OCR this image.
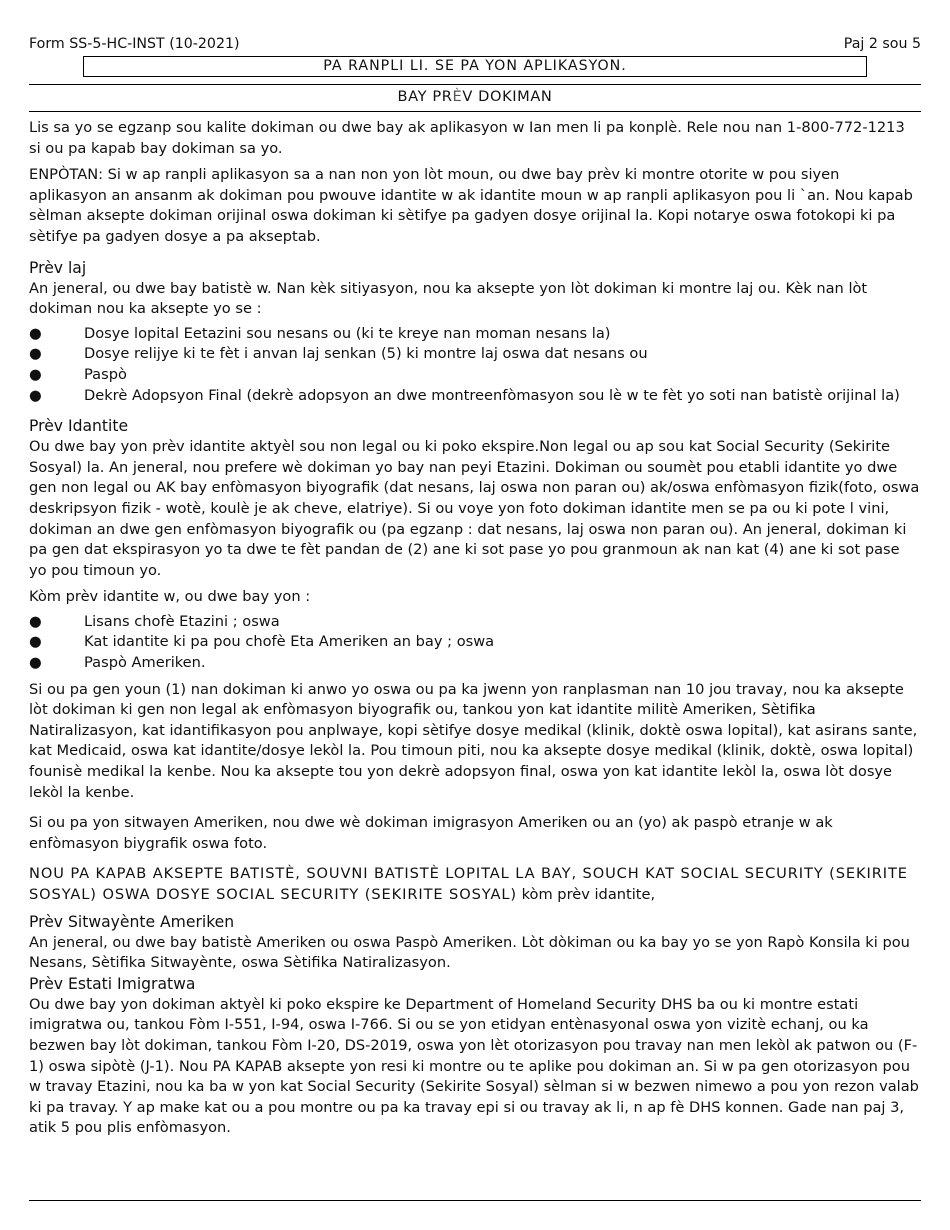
Form SS-5-HC-INST (10-2021)	Paj 2 sou 5
PA RANPLI LI. SE PA YON APLIKASYON.
BAY PRÈV DOKIMAN

Lis sa yo se egzanp sou kalite dokiman ou dwe bay ak aplikasyon w Ian men li pa konplè. Rele nou nan 1-800-772-1213 si ou pa kapab bay dokiman sa yo.

ENPÒTAN: Si w ap ranpli aplikasyon sa a nan non yon lòt moun, ou dwe bay prèv ki montre otorite w pou siyen aplikasyon an ansanm ak dokiman pou pwouve idantite w ak idantite moun w ap ranpli aplikasyon pou li `an. Nou kapab sèlman aksepte dokiman orijinal oswa dokiman ki sètifye pa gadyen dosye orijinal la. Kopi notarye oswa fotokopi ki pa sètifye pa gadyen dosye a pa akseptab.

Prèv laj

An jeneral, ou dwe bay batistè w. Nan kèk sitiyasyon, nou ka aksepte yon lòt dokiman ki montre laj ou. Kèk nan lòt dokiman nou ka aksepte yo se :

●	Dosye lopital Eetazini sou nesans ou (ki te kreye nan moman nesans la)
●	Dosye relijye ki te fèt i anvan laj senkan (5) ki montre laj oswa dat nesans ou
●	Paspò
●	Dekrè Adopsyon Final (dekrè adopsyon an dwe montreenfòmasyon sou lè w te fèt yo soti nan batistè orijinal la)
Prèv Idantite

Ou dwe bay yon prèv idantite aktyèl sou non legal ou ki poko ekspire.Non legal ou ap sou kat Social Security (Sekirite Sosyal) la. An jeneral, nou prefere wè dokiman yo bay nan peyi Etazini. Dokiman ou soumèt pou etabli idantite yo dwe gen non legal ou AK bay enfòmasyon biyografik (dat nesans, laj oswa non paran ou) ak/oswa enfòmasyon fizik(foto, oswa deskripsyon fizik - wotè, koulè je ak cheve, elatriye). Si ou voye yon foto dokiman idantite men se pa ou ki pote l vini, dokiman an dwe gen enfòmasyon biyografik ou (pa egzanp : dat nesans, laj oswa non paran ou). An jeneral, dokiman ki pa gen dat ekspirasyon yo ta dwe te fèt pandan de (2) ane ki sot pase yo pou granmoun ak nan kat (4) ane ki sot pase yo pou timoun yo.

Kòm prèv idantite w, ou dwe bay yon :

●	Lisans chofè Etazini ; oswa
●	Kat idantite ki pa pou chofè Eta Ameriken an bay ; oswa
●	Paspò Ameriken.

Si ou pa gen youn (1) nan dokiman ki anwo yo oswa ou pa ka jwenn yon ranplasman nan 10 jou travay, nou ka aksepte lòt dokiman ki gen non legal ak enfòmasyon biyografik ou, tankou yon kat idantite militè Ameriken, Sètifika Natiralizasyon, kat idantifikasyon pou anplwaye, kopi sètifye dosye medikal (klinik, doktè oswa lopital), kat asirans sante, kat Medicaid, oswa kat idantite/dosye lekòl la. Pou timoun piti, nou ka aksepte dosye medikal (klinik, doktè, oswa lopital) founisè medikal la kenbe. Nou ka aksepte tou yon dekrè adopsyon final, oswa yon kat idantite lekòl la, oswa lòt dosye lekòl la kenbe.

Si ou pa yon sitwayen Ameriken, nou dwe wè dokiman imigrasyon Ameriken ou an (yo) ak paspò etranje w ak enfòmasyon biygrafik oswa foto.

NOU PA KAPAB AKSEPTE BATISTÈ, SOUVNI BATISTÈ LOPITAL LA BAY, SOUCH KAT SOCIAL SECURITY (SEKIRITE SOSYAL) OSWA DOSYE SOCIAL SECURITY (SEKIRITE SOSYAL) kòm prèv idantite,

Prèv Sitwayènte Ameriken

An jeneral, ou dwe bay batistè Ameriken ou oswa Paspò Ameriken. Lòt dòkiman ou ka bay yo se yon Rapò Konsila ki pou Nesans, Sètifika Sitwayènte, oswa Sètifika Natiralizasyon.

Prèv Estati Imigratwa

Ou dwe bay yon dokiman aktyèl ki poko ekspire ke Department of Homeland Security DHS ba ou ki montre estati imigratwa ou, tankou Fòm I-551, I-94, oswa I-766. Si ou se yon etidyan entènasyonal oswa yon vizitè echanj, ou ka bezwen bay lòt dokiman, tankou Fòm I-20, DS-2019, oswa yon lèt otorizasyon pou travay nan men lekòl ak patwon ou (F-1) oswa sipòtè (J-1). Nou PA KAPAB aksepte yon resi ki montre ou te aplike pou dokiman an. Si w pa gen otorizasyon pou w travay Etazini, nou ka ba w yon kat Social Security (Sekirite Sosyal) sèlman si w bezwen nimewo a pou yon rezon valab ki pa travay. Y ap make kat ou a pou montre ou pa ka travay epi si ou travay ak li, n ap fè DHS konnen. Gade nan paj 3, atik 5 pou plis enfòmasyon.
